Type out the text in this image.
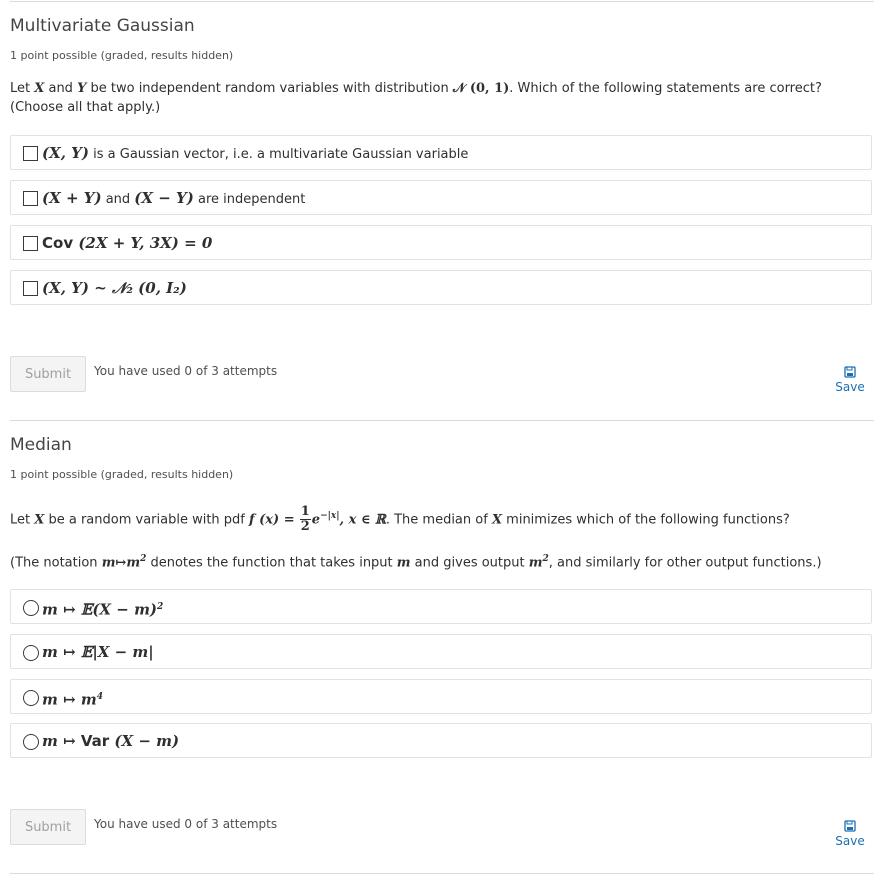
Multivariate Gaussian
1 point possible (graded, results hidden)
Let X and Y be two independent random variables with distribution 𝒩 (0, 1). Which of the following statements are correct? (Choose all that apply.)
(X, Y) is a Gaussian vector, i.e. a multivariate Gaussian variable
(X + Y) and (X − Y) are independent
Cov (2X + Y, 3X) = 0
(X, Y) ~ 𝒩₂ (0, I₂)
Submit	You have used 0 of 3 attempts
Save
Median
1 point possible (graded, results hidden)
Let X be a random variable with pdf f $(x) = \frac{1}{2} e^{-|x|}$, x ∈ ℝ. The median of X minimizes which of the following functions?
(The notation $m↦m^2$ denotes the function that takes input m and gives output $m^2$, and similarly for other output functions.)
m ↦ 𝔼(X − m)$^2$
m ↦ 𝔼|X − m|
m ↦ $m^4$
m ↦ Var (X − m)
Submit	You have used 0 of 3 attempts
Save
